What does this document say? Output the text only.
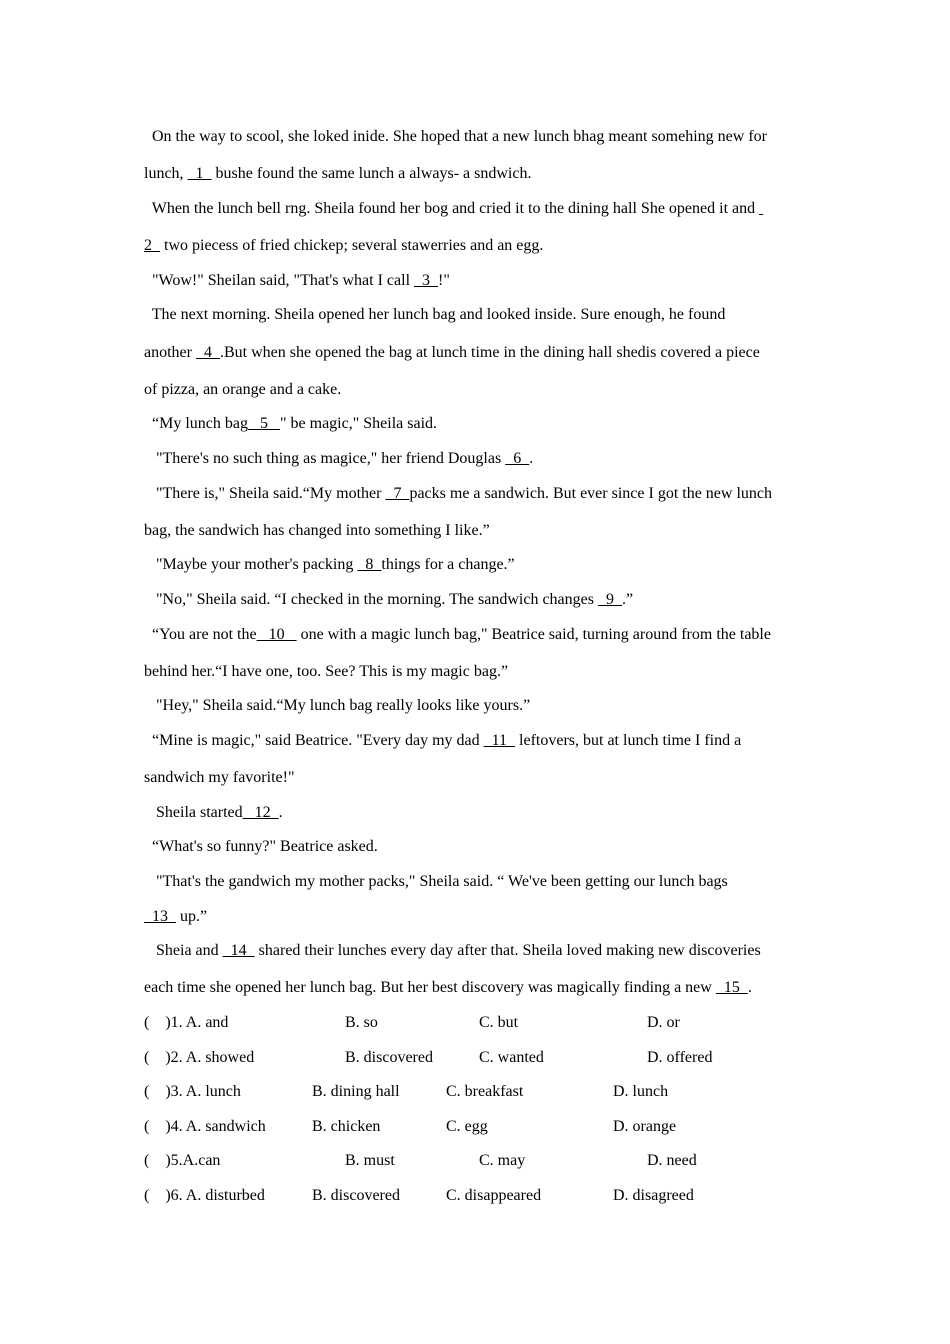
On the way to scool, she loked inide. She hoped that a new lunch bhag meant somehing new for
lunch,   1   bushe found the same lunch a always- a sndwich.
When the lunch bell rng. Sheila found her bog and cried it to the dining hall She opened it and
2   two piecess of fried chickep; several stawerries and an egg.
"Wow!" Sheilan said, "That's what I call   3  !"
The next morning. Sheila opened her lunch bag and looked inside. Sure enough, he found
another   4  .But when she opened the bag at lunch time in the dining hall shedis covered a piece
of pizza, an orange and a cake.
“My lunch bag   5   " be magic," Sheila said.
"There's no such thing as magice," her friend Douglas   6  .
"There is," Sheila said.“My mother   7  packs me a sandwich. But ever since I got the new lunch
bag, the sandwich has changed into something I like.”
"Maybe your mother's packing   8  things for a change.”
"No," Sheila said. “I checked in the morning. The sandwich changes   9  .”
“You are not the   10    one with a magic lunch bag," Beatrice said, turning around from the table
behind her.“I have one, too. See? This is my magic bag.”
"Hey," Sheila said.“My lunch bag really looks like yours.”
“Mine is magic," said Beatrice. "Every day my dad   11   leftovers, but at lunch time I find a
sandwich my favorite!"
Sheila started   12  .
“What's so funny?" Beatrice asked.
"That's the gandwich my mother packs," Sheila said. “ We've been getting our lunch bags
13   up.”
Sheia and   14   shared their lunches every day after that. Sheila loved making new discoveries
each time she opened her lunch bag. But her best discovery was magically finding a new   15  .
(    )1. A. and	B. so	C. but	D. or
(    )2. A. showed	B. discovered	C. wanted	D. offered
(    )3. A. lunch	B. dining hall	C. breakfast	D. lunch
(    )4. A. sandwich	B. chicken	C. egg	D. orange
(    )5.A.can	B. must	C. may	D. need
(    )6. A. disturbed	B. discovered	C. disappeared	D. disagreed
